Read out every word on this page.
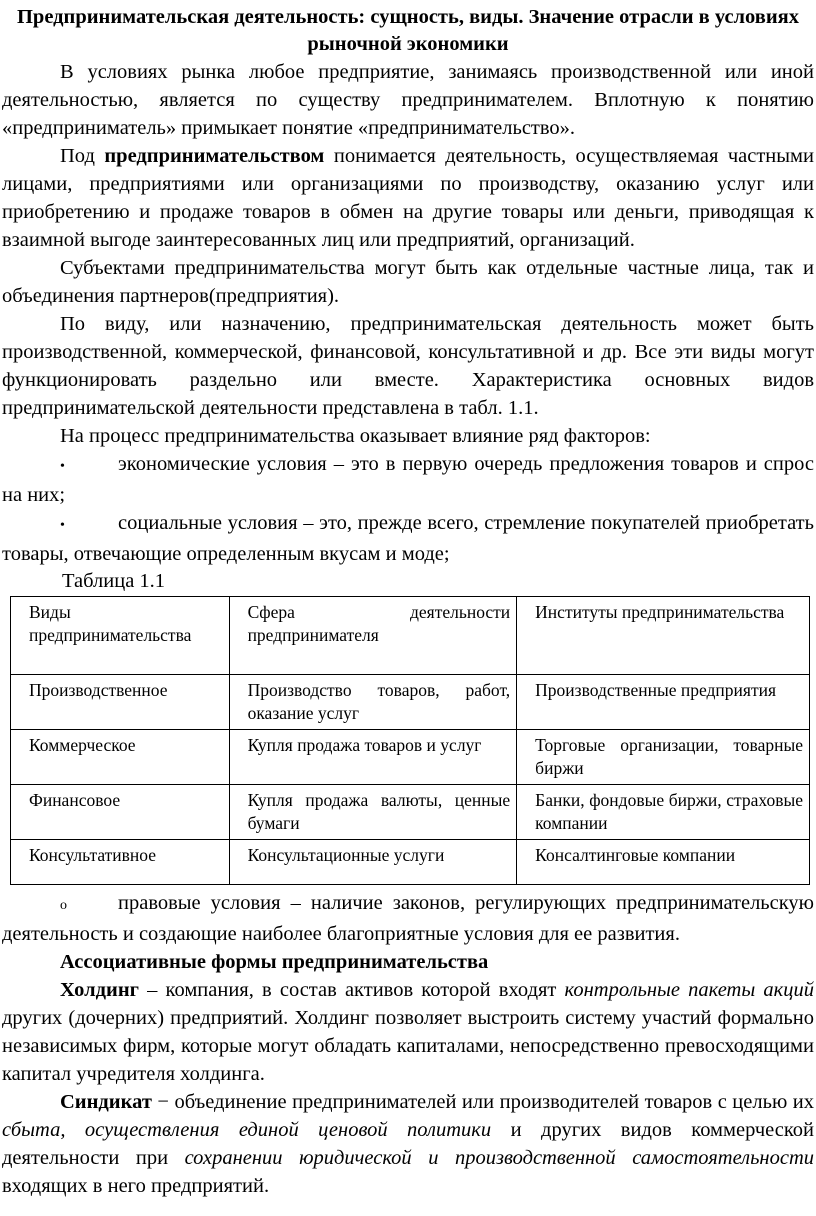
Предпринимательская деятельность: сущность, виды. Значение отрасли в условиях рыночной экономики

В условиях рынка любое предприятие, занимаясь производственной или иной деятельностью, является по существу предпринимателем. Вплотную к понятию «предприниматель» примыкает понятие «предпринимательство».

Под предпринимательством понимается деятельность, осуществляемая частными лицами, предприятиями или организациями по производству, оказанию услуг или приобретению и продаже товаров в обмен на другие товары или деньги, приводящая к взаимной выгоде заинтересованных лиц или предприятий, организаций.

Субъектами предпринимательства могут быть как отдельные частные лица, так и объединения партнеров(предприятия).

По виду, или назначению, предпринимательская деятельность может быть производственной, коммерческой, финансовой, консультативной и др. Все эти виды могут функционировать раздельно или вместе. Характеристика основных видов предпринимательской деятельности представлена в табл. 1.1.

На процесс предпринимательства оказывает влияние ряд факторов:

•	экономические условия – это в первую очередь предложения товаров и спрос на них;

•	социальные условия – это, прежде всего, стремление покупателей приобретать товары, отвечающие определенным вкусам и моде;

Таблица 1.1
Виды предпринимательства	Сфера деятельности предпринимателя	Институты предпринимательства
Производственное	Производство товаров, работ, оказание услуг	Производственные предприятия
Коммерческое	Купля продажа товаров и услуг	Торговые организации, товарные биржи
Финансовое	Купля продажа валюты, ценные бумаги	Банки, фондовые биржи, страховые компании
Консультативное	Консультационные услуги	Консалтинговые компании

o правовые условия – наличие законов, регулирующих предпринимательскую деятельность и создающие наиболее благоприятные условия для ее развития.

Ассоциативные формы предпринимательства

Холдинг – компания, в состав активов которой входят контрольные пакеты акций других (дочерних) предприятий. Холдинг позволяет выстроить систему участий формально независимых фирм, которые могут обладать капиталами, непосредственно превосходящими капитал учредителя холдинга.

Синдикат − объединение предпринимателей или производителей товаров с целью их сбыта, осуществления единой ценовой политики и других видов коммерческой деятельности при сохранении юридической и производственной самостоятельности входящих в него предприятий.
